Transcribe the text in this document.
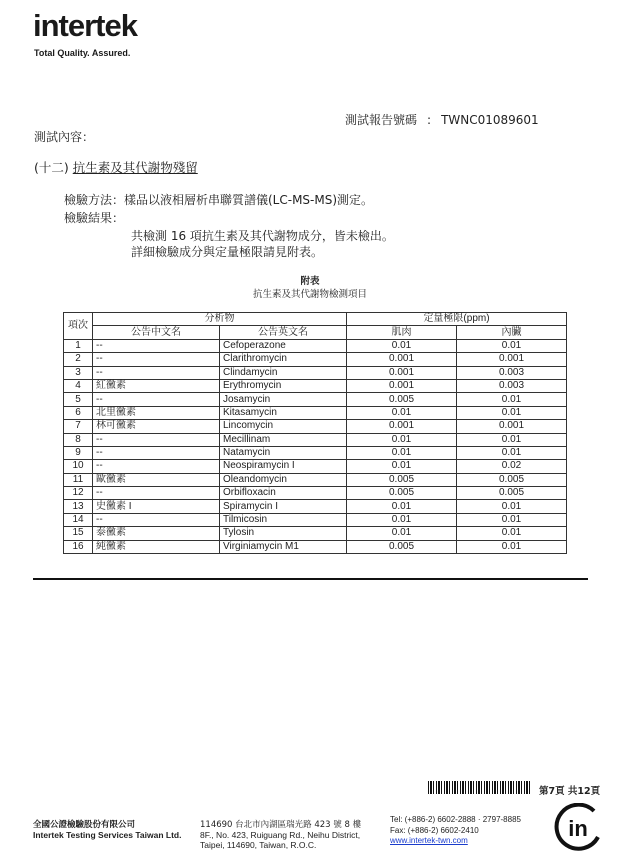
intertek
Total Quality. Assured.
測試報告號碼 : TWNC01089601
測試內容：
(十二) 抗生素及其代謝物殘留
檢驗方法：樣品以液相層析串聯質譜儀(LC-MS-MS)測定。
檢驗結果：
共檢測 16 項抗生素及其代謝物成分，皆未檢出。
詳細檢驗成分與定量極限請見附表。
附表
抗生素及其代謝物檢測項目
項次	分析物		定量極限(ppm)	
	公告中文名	公告英文名	肌肉	內臟
1	--	Cefoperazone	0.01	0.01
2	--	Clarithromycin	0.001	0.001
3	--	Clindamycin	0.001	0.003
4	紅黴素	Erythromycin	0.001	0.003
5	--	Josamycin	0.005	0.01
6	北里黴素	Kitasamycin	0.01	0.01
7	林可黴素	Lincomycin	0.001	0.001
8	--	Mecillinam	0.01	0.01
9	--	Natamycin	0.01	0.01
10	--	Neospiramycin I	0.01	0.02
11	歐黴素	Oleandomycin	0.005	0.005
12	--	Orbifloxacin	0.005	0.005
13	史黴素 I	Spiramycin I	0.01	0.01
14	--	Tilmicosin	0.01	0.01
15	泰黴素	Tylosin	0.01	0.01
16	純黴素	Virginiamycin M1	0.005	0.01
第7頁 共12頁
全國公證檢驗股份有限公司
Intertek Testing Services Taiwan Ltd.
114690 台北市內湖區瑞光路 423 號 8 樓
8F., No. 423, Ruiguang Rd., Neihu District,
Taipei, 114690, Taiwan, R.O.C.
Tel: (+886-2) 6602-2888 · 2797-8885
Fax: (+886-2) 6602-2410
www.intertek-twn.com	in
